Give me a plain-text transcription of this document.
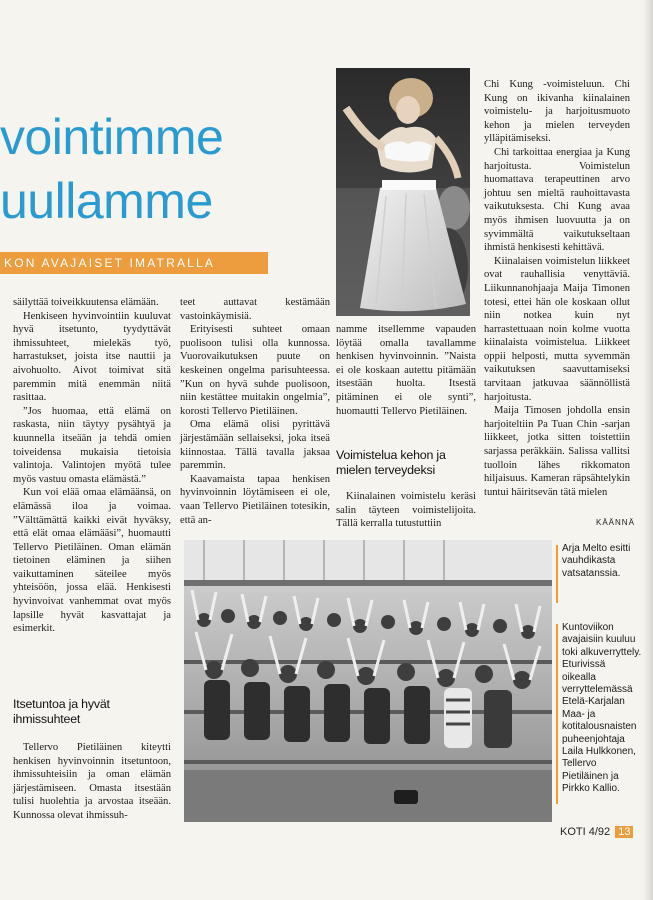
vointimme
uullamme
KON AVAJAISET IMATRALLA

säilyttää toiveikkuutensa elämään.

Henkiseen hyvinvointiin kuuluvat hyvä itsetunto, tyydyttävät ihmissuhteet, mielekäs työ, harrastukset, joista itse nauttii ja aivohuolto. Aivot toimivat sitä paremmin mitä enemmän niitä rasittaa.

”Jos huomaa, että elämä on raskasta, niin täytyy pysähtyä ja kuunnella itseään ja tehdä omien toiveidensa mukaisia tietoisia valintoja. Valintojen myötä tulee myös vastuu omasta elämästä.”

Kun voi elää omaa elämäänsä, on elämässä iloa ja voimaa. ”Välttämättä kaikki eivät hyväksy, että elät omaa elämääsi”, huomautti Tellervo Pietiläinen. Oman elämän tietoinen eläminen ja siihen vaikuttaminen säteilee myös yhteisöön, jossa elää. Henkisesti hyvinvoivat vanhemmat ovat myös lapsille hyvät kasvattajat ja esimerkit.

Itsetuntoa ja hyvät ihmissuhteet

Tellervo Pietiläinen kiteytti henkisen hyvinvoinnin itsetuntoon, ihmissuhteisiin ja oman elämän järjestämiseen. Omasta itsestään tulisi huolehtia ja arvostaa itseään. Kunnossa olevat ihmissuh-

teet auttavat kestämään vastoinkäymisiä.

Erityisesti suhteet omaan puolisoon tulisi olla kunnossa. Vuorovaikutuksen puute on keskeinen ongelma parisuhteessa. ”Kun on hyvä suhde puolisoon, niin kestättee muitakin ongelmia”, korosti Tellervo Pietiläinen.

Oma elämä olisi pyrittävä järjestämään sellaiseksi, joka itseä kiinnostaa. Tällä tavalla jaksaa paremmin.

Kaavamaista tapaa henkisen hyvinvoinnin löytämiseen ei ole, vaan Tellervo Pietiläinen totesikin, että an-

namme itsellemme vapauden löytää omalla tavallamme henkisen hyvinvoinnin. ”Naista ei ole koskaan autettu pitämään itsestään huolta. Itsestä pitäminen ei ole synti”, huomautti Tellervo Pietiläinen.

Voimistelua kehon ja mielen terveydeksi

Kiinalainen voimistelu keräsi salin täyteen voimistelijoita. Tällä kerralla tutustuttiin

Chi Kung -voimisteluun. Chi Kung on ikivanha kiinalainen voimistelu- ja harjoitusmuoto kehon ja mielen terveyden ylläpitämiseksi.

Chi tarkoittaa energiaa ja Kung harjoitusta. Voimistelun huomattava terapeuttinen arvo johtuu sen mieltä rauhoittavasta vaikutuksesta. Chi Kung avaa myös ihmisen luovuutta ja on syvimmältä vaikutukseltaan ihmistä henkisesti kehittävä.

Kiinalaisen voimistelun liikkeet ovat rauhallisia venyttäviä. Liikunnanohjaaja Maija Timonen totesi, ettei hän ole koskaan ollut niin notkea kuin nyt harrastettuaan noin kolme vuotta kiinalaista voimistelua. Liikkeet oppii helposti, mutta syvemmän vaikutuksen saavuttamiseksi tarvitaan jatkuvaa säännöllistä harjoitusta.

Maija Timosen johdolla ensin harjoiteltiin Pa Tuan Chin -sarjan liikkeet, jotka sitten toistettiin sarjassa peräkkäin. Salissa vallitsi tuolloin lähes rikkomaton hiljaisuus. Kameran räpsähtelykin tuntui häiritsevän tätä mielen

KÄÄNNÄ
Arja Melto esitti vauhdikasta vatsatanssia.
Kuntoviikon avajaisiin kuuluu toki alkuverryttely. Eturivissä oikealla verryttelemässä Etelä-Karjalan Maa- ja kotitalousnaisten puheenjohtaja Laila Hulkkonen, Tellervo Pietiläinen ja Pirkko Kallio.
KOTI 4/92 13
